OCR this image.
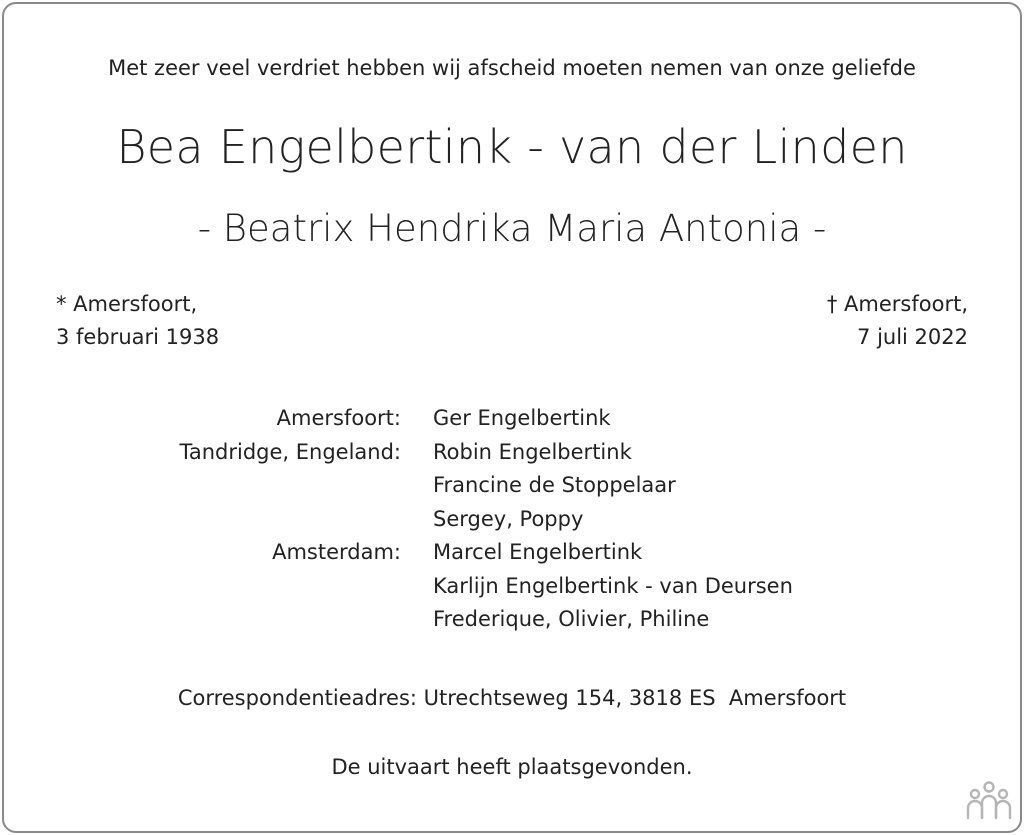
Met zeer veel verdriet hebben wij afscheid moeten nemen van onze geliefde
Bea Engelbertink - van der Linden
- Beatrix Hendrika Maria Antonia -
* Amersfoort,
3 februari 1938
† Amersfoort,
7 juli 2022
Amersfoort:	Ger Engelbertink
Tandridge, Engeland:	Robin Engelbertink
Francine de Stoppelaar
Sergey, Poppy
Amsterdam:	Marcel Engelbertink
Karlijn Engelbertink - van Deursen
Frederique, Olivier, Philine
Correspondentieadres: Utrechtseweg 154, 3818 ES  Amersfoort
De uitvaart heeft plaatsgevonden.
